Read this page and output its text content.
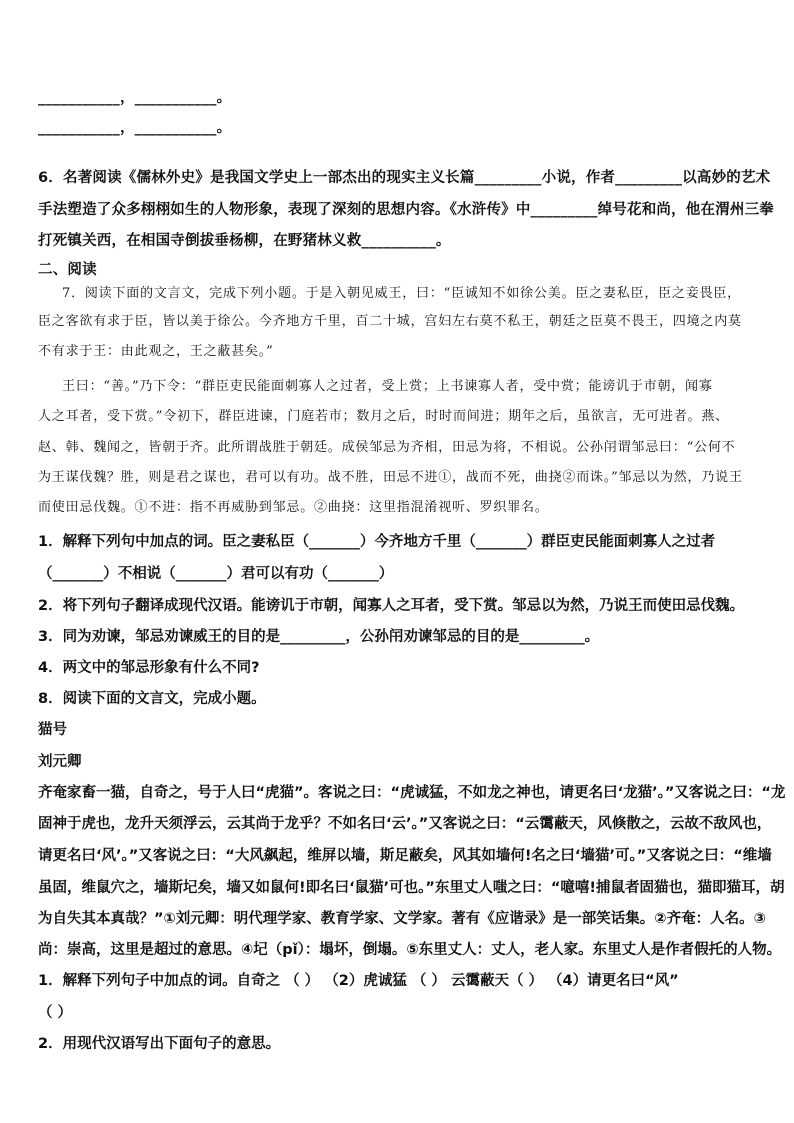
___________，___________。

___________，___________。

6．名著阅读《儒林外史》是我国文学史上一部杰出的现实主义长篇_________小说，作者_________以高妙的艺术

手法塑造了众多栩栩如生的人物形象，表现了深刻的思想内容。《水浒传》中_________绰号花和尚，他在渭州三拳

打死镇关西，在相国寺倒拔垂杨柳，在野猪林义救__________。

二、阅读

7．阅读下面的文言文，完成下列小题。于是入朝见威王，曰：“臣诚知不如徐公美。臣之妻私臣，臣之妾畏臣，

臣之客欲有求于臣，皆以美于徐公。今齐地方千里，百二十城，宫妇左右莫不私王，朝廷之臣莫不畏王，四境之内莫

不有求于王：由此观之，王之蔽甚矣。”

王曰：“善。”乃下令：“群臣吏民能面刺寡人之过者，受上赏；上书谏寡人者，受中赏；能谤讥于市朝，闻寡

人之耳者，受下赏。”令初下，群臣进谏，门庭若市；数月之后，时时而间进；期年之后，虽欲言，无可进者。燕、

赵、韩、魏闻之，皆朝于齐。此所谓战胜于朝廷。成侯邹忌为齐相，田忌为将，不相说。公孙闬谓邹忌曰：“公何不

为王谋伐魏？胜，则是君之谋也，君可以有功。战不胜，田忌不进①，战而不死，曲挠②而诛。”邹忌以为然，乃说王

而使田忌伐魏。①不进：指不再威胁到邹忌。②曲挠：这里指混淆视听、罗织罪名。

1．解释下列句中加点的词。臣之妻私臣（_______）今齐地方千里（_______）群臣吏民能面刺寡人之过者

（_______）不相说（_______）君可以有功（_______）

2．将下列句子翻译成现代汉语。能谤讥于市朝，闻寡人之耳者，受下赏。邹忌以为然，乃说王而使田忌伐魏。

3．同为劝谏，邹忌劝谏威王的目的是_________，公孙闬劝谏邹忌的目的是_________。

4．两文中的邹忌形象有什么不同?

8．阅读下面的文言文，完成小题。

猫号

刘元卿

齐奄家畜一猫，自奇之，号于人曰“虎猫”。客说之曰：“虎诚猛，不如龙之神也，请更名曰‘龙猫’。”又客说之曰：“龙

固神于虎也，龙升天须浮云，云其尚于龙乎？不如名曰‘云’。”又客说之曰：“云霭蔽天，风倏散之，云故不敌风也，

请更名曰‘风’。”又客说之曰：“大风飙起，维屏以墙，斯足蔽矣，风其如墙何!名之曰‘墙猫’可。”又客说之曰：“维墙

虽固，维鼠穴之，墙斯圮矣，墙又如鼠何!即名曰‘鼠猫’可也。”东里丈人嗤之曰：“噫嘻!捕鼠者固猫也，猫即猫耳，胡

为自失其本真哉？”①刘元卿：明代理学家、教育学家、文学家。著有《应谐录》是一部笑话集。②齐奄：人名。③

尚：崇高，这里是超过的意思。④圮（pǐ）：塌坏，倒塌。⑤东里丈人：丈人，老人家。东里丈人是作者假托的人物。

1．解释下列句子中加点的词。自奇之 （ ） （2）虎诚猛 （ ） 云霭蔽天（ ） （4）请更名曰“风”

（ ）

2．用现代汉语写出下面句子的意思。
